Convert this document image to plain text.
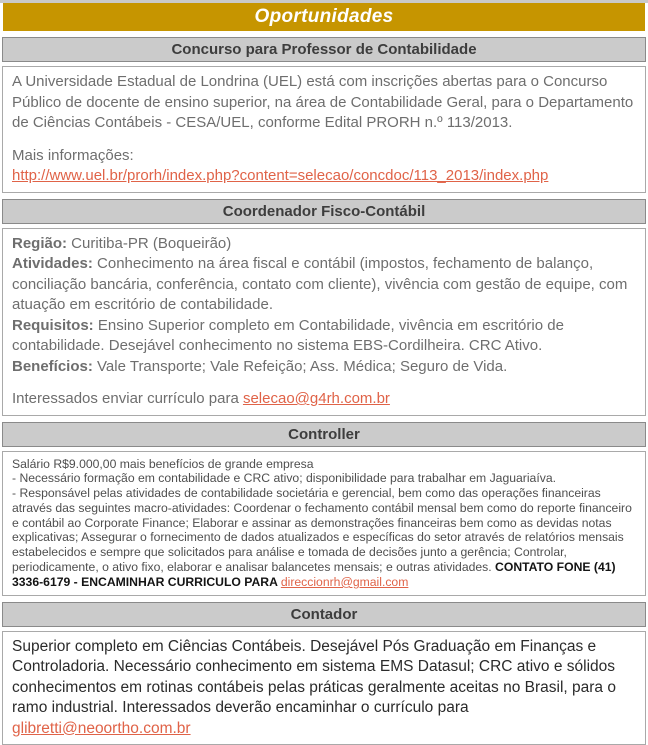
Oportunidades
Concurso para Professor de Contabilidade

A Universidade Estadual de Londrina (UEL) está com inscrições abertas para o Concurso Público de docente de ensino superior, na área de Contabilidade Geral, para o Departamento de Ciências Contábeis - CESA/UEL, conforme Edital PRORH n.º 113/2013.

Mais informações:

http://www.uel.br/prorh/index.php?content=selecao/concdoc/113_2013/index.php

Coordenador Fisco-Contábil
Região: Curitiba-PR (Boqueirão)
Atividades: Conhecimento na área fiscal e contábil (impostos, fechamento de balanço, conciliação bancária, conferência, contato com cliente), vivência com gestão de equipe, com atuação em escritório de contabilidade.
Requisitos: Ensino Superior completo em Contabilidade, vivência em escritório de contabilidade. Desejável conhecimento no sistema EBS-Cordilheira. CRC Ativo.
Benefícios: Vale Transporte; Vale Refeição; Ass. Médica; Seguro de Vida.

Interessados enviar currículo para selecao@g4rh.com.br

Controller
Salário R$9.000,00 mais benefícios de grande empresa
- Necessário formação em contabilidade e CRC ativo; disponibilidade para trabalhar em Jaguariaíva.
- Responsável pelas atividades de contabilidade societária e gerencial, bem como das operações financeiras através das seguintes macro-atividades: Coordenar o fechamento contábil mensal bem como do reporte financeiro e contábil ao Corporate Finance; Elaborar e assinar as demonstrações financeiras bem como as devidas notas explicativas; Assegurar o fornecimento de dados atualizados e específicas do setor através de relatórios mensais estabelecidos e sempre que solicitados para análise e tomada de decisões junto a gerência; Controlar, periodicamente, o ativo fixo, elaborar e analisar balancetes mensais; e outras atividades. CONTATO FONE (41) 3336-6179 - ENCAMINHAR CURRICULO PARA direccionrh@gmail.com
Contador
Superior completo em Ciências Contábeis. Desejável Pós Graduação em Finanças e Controladoria. Necessário conhecimento em sistema EMS Datasul; CRC ativo e sólidos conhecimentos em rotinas contábeis pelas práticas geralmente aceitas no Brasil, para o ramo industrial. Interessados deverão encaminhar o currículo para glibretti@neoortho.com.br
